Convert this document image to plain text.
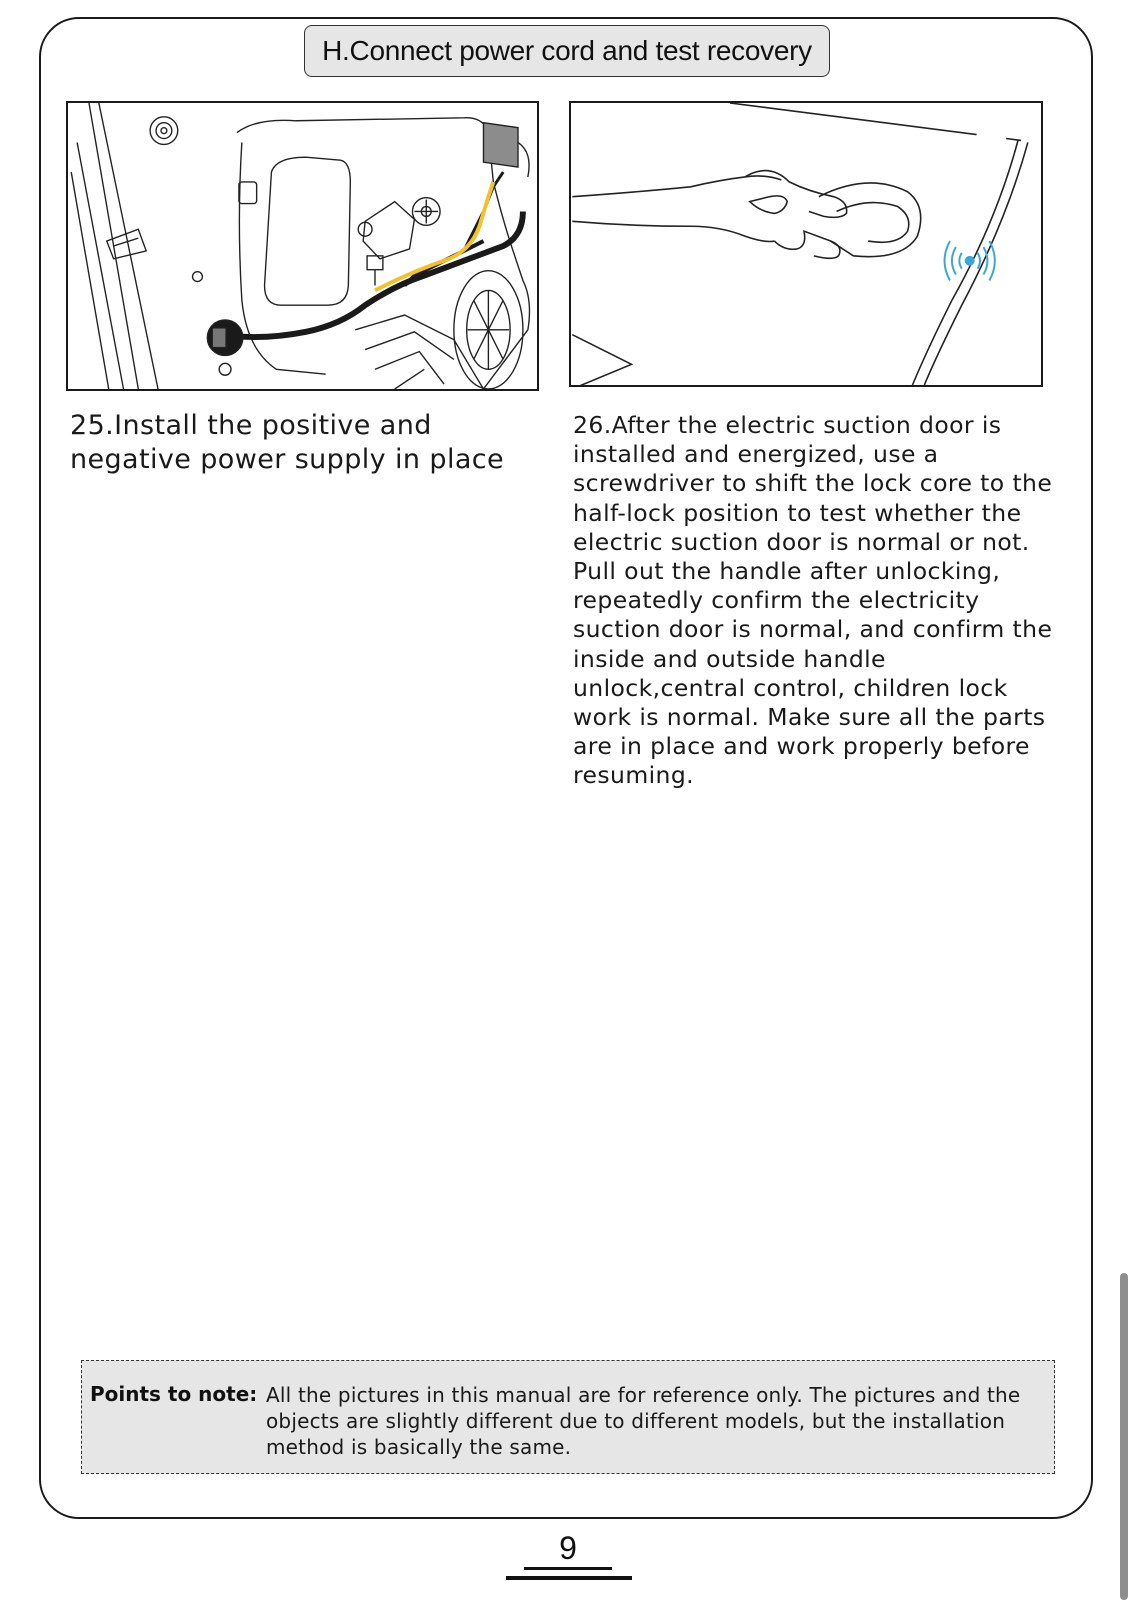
H.Connect power cord and test recovery
25.Install the positive and negative power supply in place
26.After the electric suction door is installed and energized, use a screwdriver to shift the lock core to the half-lock position to test whether the electric suction door is normal or not. Pull out the handle after unlocking, repeatedly confirm the electricity suction door is normal, and confirm the inside and outside handle unlock,central control, children lock work is normal. Make sure all the parts are in place and work properly before resuming.
Points to note: All the pictures in this manual are for reference only. The pictures and the objects are slightly different due to different models, but the installation method is basically the same.
9
